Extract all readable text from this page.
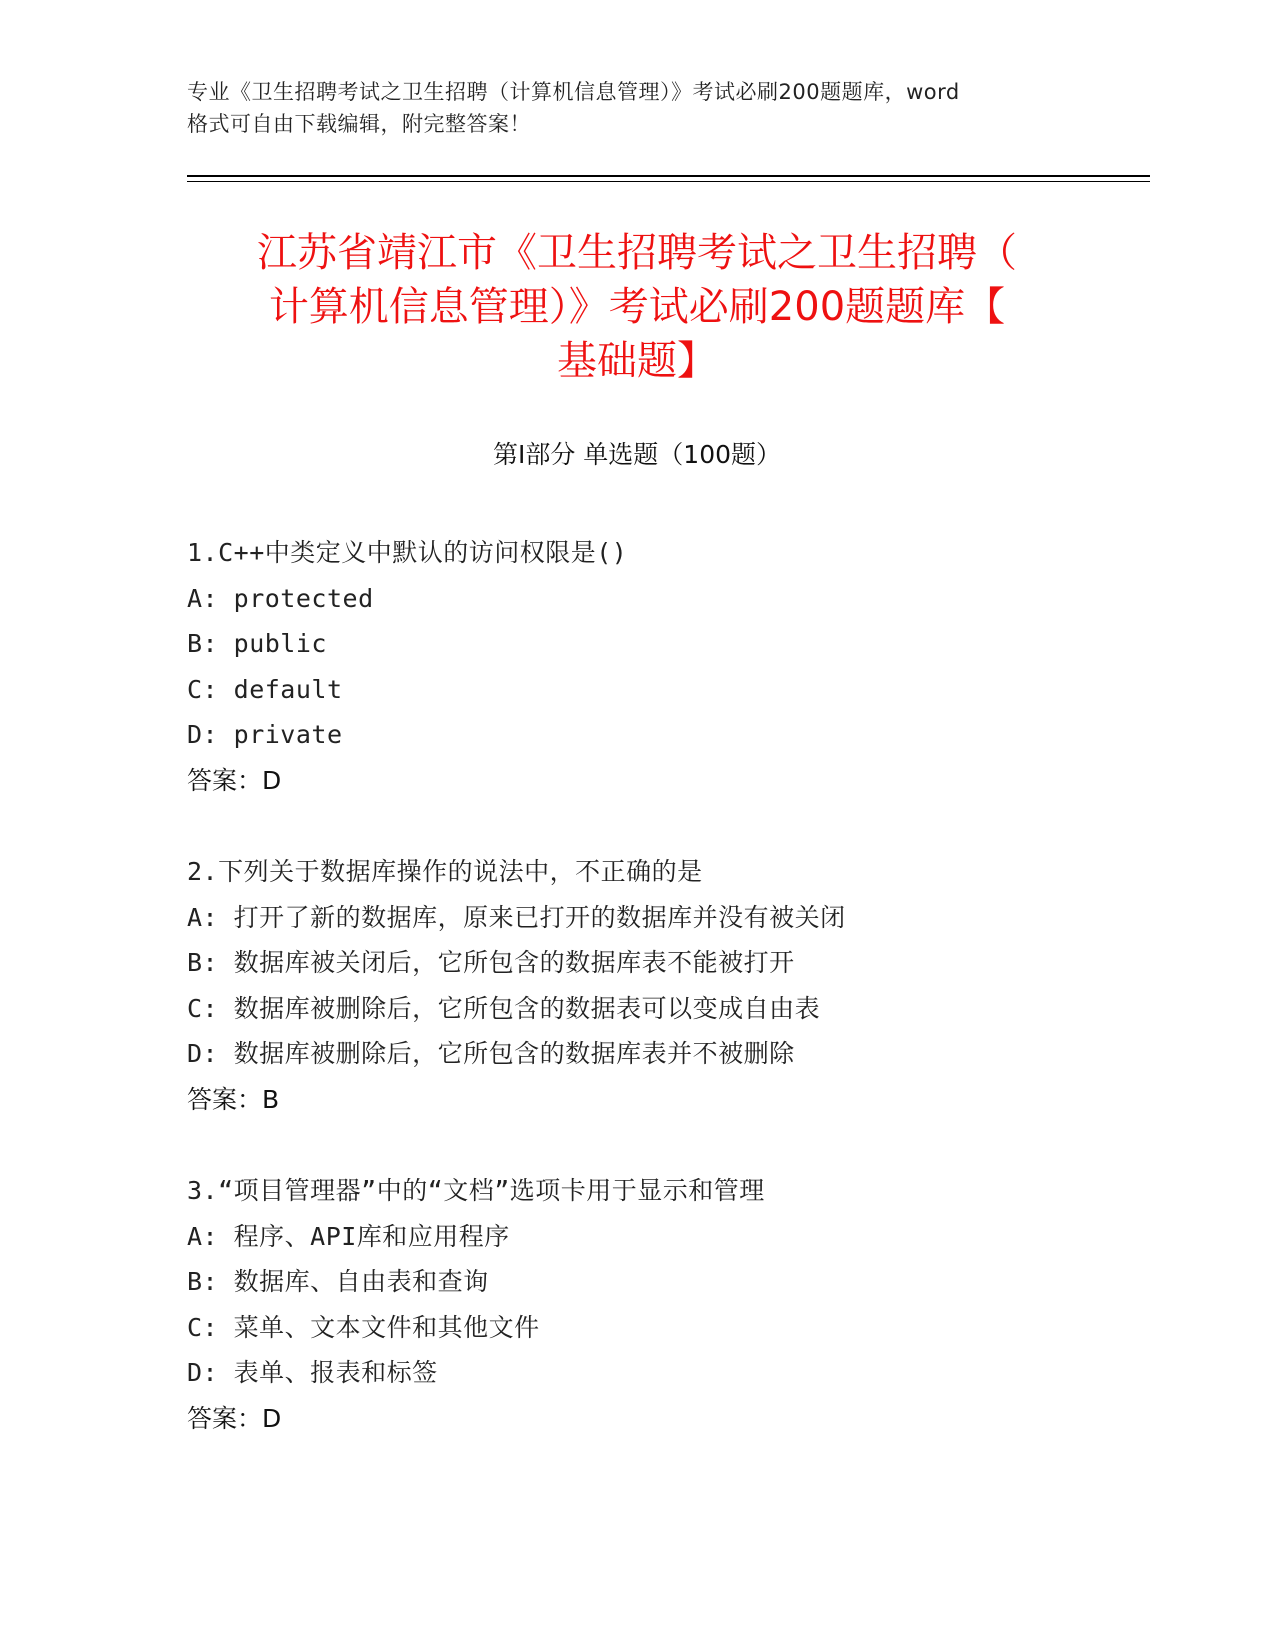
专业《卫生招聘考试之卫生招聘（计算机信息管理）》考试必刷200题题库，word
格式可自由下载编辑，附完整答案！
江苏省靖江市《卫生招聘考试之卫生招聘（
计算机信息管理）》考试必刷200题题库【
基础题】
第I部分 单选题（100题）
1.C++中类定义中默认的访问权限是()
A: protected
B: public
C: default
D: private
答案：D
2.下列关于数据库操作的说法中，不正确的是
A: 打开了新的数据库，原来已打开的数据库并没有被关闭
B: 数据库被关闭后，它所包含的数据库表不能被打开
C: 数据库被删除后，它所包含的数据表可以变成自由表
D: 数据库被删除后，它所包含的数据库表并不被删除
答案：B
3.“项目管理器”中的“文档”选项卡用于显示和管理
A: 程序、API库和应用程序
B: 数据库、自由表和查询
C: 菜单、文本文件和其他文件
D: 表单、报表和标签
答案：D
